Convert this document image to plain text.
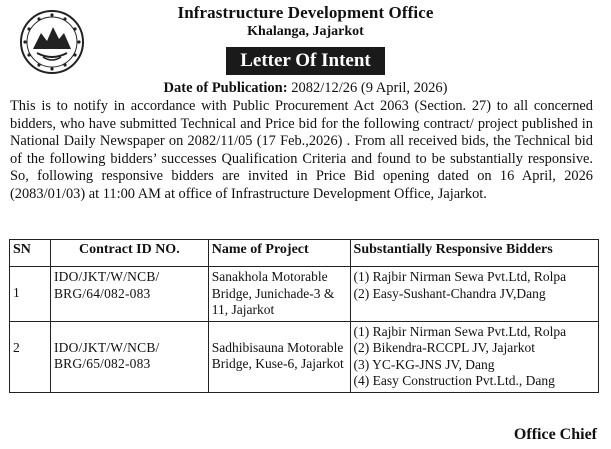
Infrastructure Development Office
Khalanga, Jajarkot
Letter Of Intent
Date of Publication: 2082/12/26 (9 April, 2026)

This is to notify in accordance with Public Procurement Act 2063 (Section. 27) to all concerned bidders, who have submitted Technical and Price bid for the following contract/ project published in National Daily Newspaper on 2082/11/05 (17 Feb.,2026) . From all received bids, the Technical bid of the following bidders’ successes Qualification Criteria and found to be substantially responsive. So, following responsive bidders are invited in Price Bid opening dated on 16 April, 2026 (2083/01/03) at 11:00 AM at office of Infrastructure Development Office, Jajarkot.

SN	Contract ID NO.	Name of Project	Substantially Responsive Bidders
1	IDO/JKT/W/NCB/ BRG/64/082-083	Sanakhola Motorable Bridge, Junichade-3 & 11, Jajarkot	(1) Rajbir Nirman Sewa Pvt.Ltd, Rolpa
(2) Easy-Sushant-Chandra JV,Dang

2	IDO/JKT/W/NCB/ BRG/65/082-083	Sadhibisauna Motorable Bridge, Kuse-6, Jajarkot	(1) Rajbir Nirman Sewa Pvt.Ltd, Rolpa
(2) Bikendra-RCCPL JV, Jajarkot
(3) YC-KG-JNS JV, Dang
(4) Easy Construction Pvt.Ltd., Dang
Office Chief
